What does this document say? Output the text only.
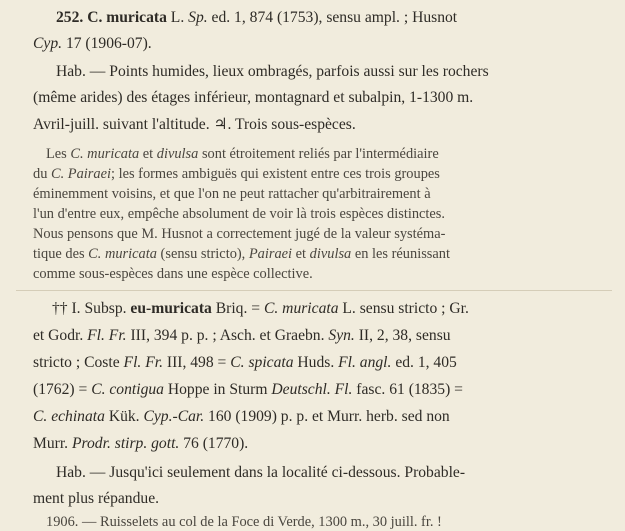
252. C. muricata L. Sp. ed. 1, 874 (1753), sensu ampl. ; Husnot
Cyp. 17 (1906-07).
Hab. — Points humides, lieux ombragés, parfois aussi sur les rochers
(même arides) des étages inférieur, montagnard et subalpin, 1-1300 m.
Avril-juill. suivant l'altitude. ♃. Trois sous-espèces.
Les C. muricata et divulsa sont étroitement reliés par l'intermédiaire
du C. Pairaei; les formes ambiguës qui existent entre ces trois groupes
éminemment voisins, et que l'on ne peut rattacher qu'arbitrairement à
l'un d'entre eux, empêche absolument de voir là trois espèces distinctes.
Nous pensons que M. Husnot a correctement jugé de la valeur systéma-
tique des C. muricata (sensu stricto), Pairaei et divulsa en les réunissant
comme sous-espèces dans une espèce collective.
†† I. Subsp. eu-muricata Briq. = C. muricata L. sensu stricto ; Gr.
et Godr. Fl. Fr. III, 394 p. p. ; Asch. et Graebn. Syn. II, 2, 38, sensu
stricto ; Coste Fl. Fr. III, 498 = C. spicata Huds. Fl. angl. ed. 1, 405
(1762) = C. contigua Hoppe in Sturm Deutschl. Fl. fasc. 61 (1835) =
C. echinata Kük. Cyp.-Car. 160 (1909) p. p. et Murr. herb. sed non
Murr. Prodr. stirp. gott. 76 (1770).
Hab. — Jusqu'ici seulement dans la localité ci-dessous. Probable-
ment plus répandue.
1906. — Ruisselets au col de la Foce di Verde, 1300 m., 30 juill. fr. !
